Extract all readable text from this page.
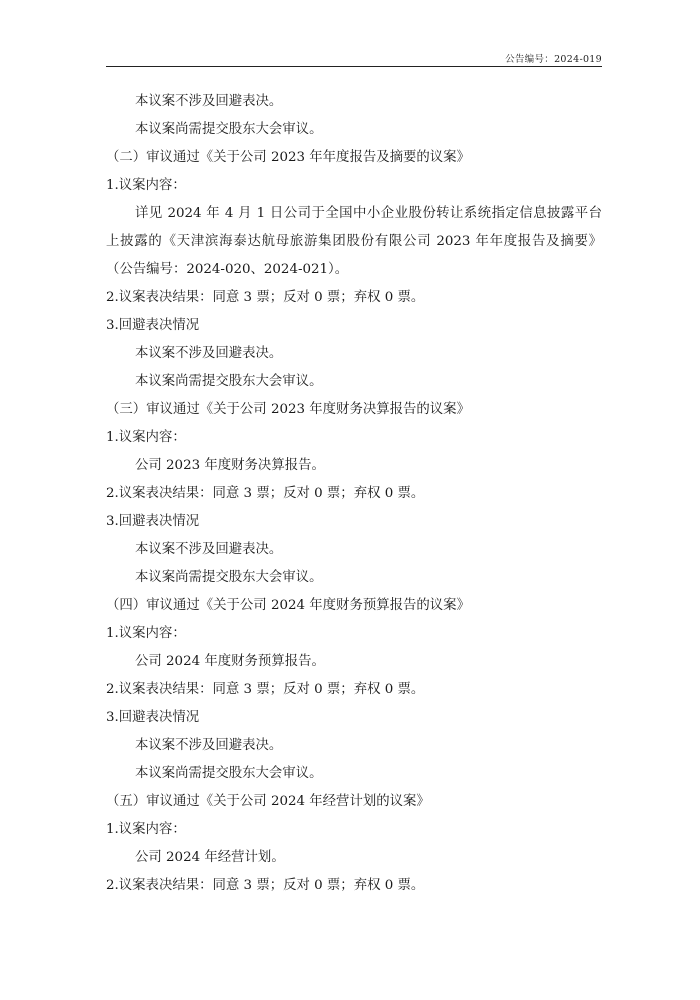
公告编号：2024-019
本议案不涉及回避表决。
本议案尚需提交股东大会审议。
（二）审议通过《关于公司 2023 年年度报告及摘要的议案》
1.议案内容：
详见 2024 年 4 月 1 日公司于全国中小企业股份转让系统指定信息披露平台
上披露的《天津滨海泰达航母旅游集团股份有限公司 2023 年年度报告及摘要》
（公告编号：2024-020、2024-021）。
2.议案表决结果：同意 3 票；反对 0 票；弃权 0 票。
3.回避表决情况
本议案不涉及回避表决。
本议案尚需提交股东大会审议。
（三）审议通过《关于公司 2023 年度财务决算报告的议案》
1.议案内容：
公司 2023 年度财务决算报告。
2.议案表决结果：同意 3 票；反对 0 票；弃权 0 票。
3.回避表决情况
本议案不涉及回避表决。
本议案尚需提交股东大会审议。
（四）审议通过《关于公司 2024 年度财务预算报告的议案》
1.议案内容：
公司 2024 年度财务预算报告。
2.议案表决结果：同意 3 票；反对 0 票；弃权 0 票。
3.回避表决情况
本议案不涉及回避表决。
本议案尚需提交股东大会审议。
（五）审议通过《关于公司 2024 年经营计划的议案》
1.议案内容：
公司 2024 年经营计划。
2.议案表决结果：同意 3 票；反对 0 票；弃权 0 票。
